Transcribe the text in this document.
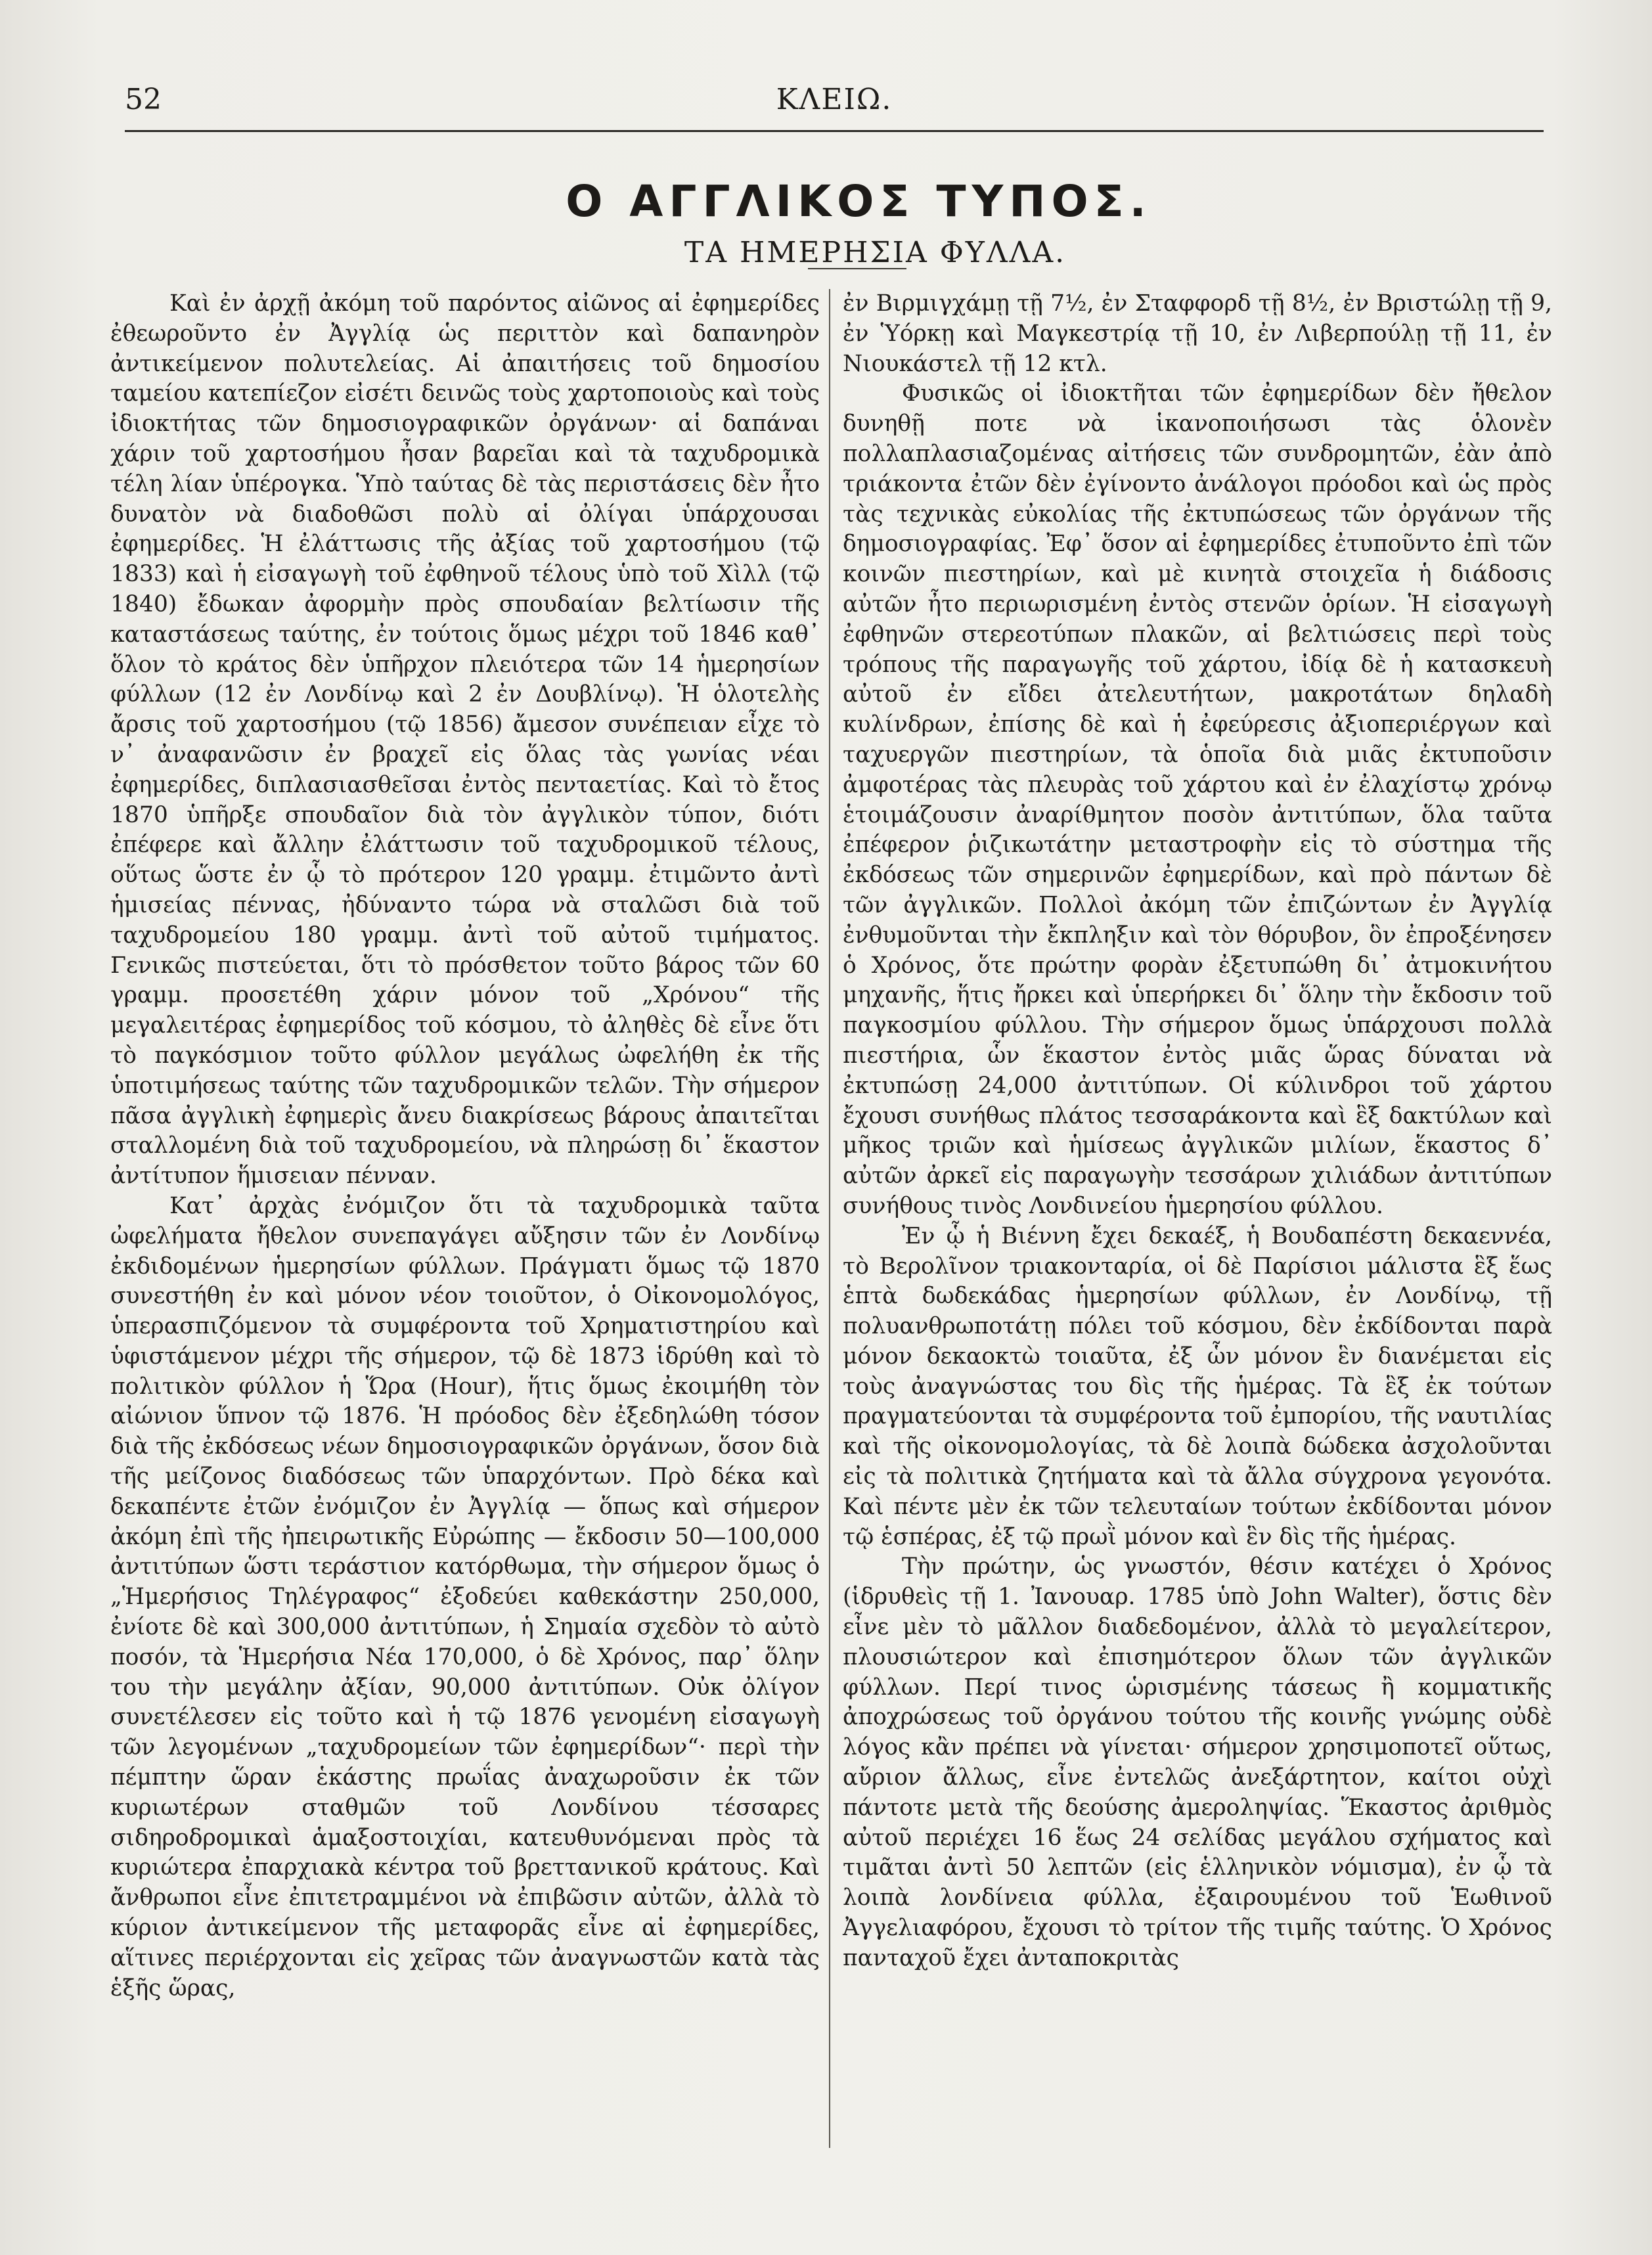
52	ΚΛΕΙΩ.
Ο ΑΓΓΛΙΚΟΣ ΤΥΠΟΣ.
ΤΑ ΗΜΕΡΗΣΙΑ ΦΥΛΛΑ.

Καὶ ἐν ἀρχῇ ἀκόμη τοῦ παρόντος αἰῶνος αἱ ἐφημερίδες ἐθεωροῦντο ἐν Ἀγγλίᾳ ὡς περιττὸν καὶ δαπανηρὸν ἀντικείμενον πολυτελείας. Αἱ ἀπαιτήσεις τοῦ δημοσίου ταμείου κατεπίεζον εἰσέτι δεινῶς τοὺς χαρτοποιοὺς καὶ τοὺς ἰδιοκτήτας τῶν δημοσιογραφικῶν ὀργάνων· αἱ δαπάναι χάριν τοῦ χαρτοσήμου ἦσαν βαρεῖαι καὶ τὰ ταχυδρομικὰ τέλη λίαν ὑπέρογκα. Ὑπὸ ταύτας δὲ τὰς περιστάσεις δὲν ἦτο δυνατὸν νὰ διαδοθῶσι πολὺ αἱ ὀλίγαι ὑπάρχουσαι ἐφημερίδες. Ἡ ἐλάττωσις τῆς ἀξίας τοῦ χαρτοσήμου (τῷ 1833) καὶ ἡ εἰσαγωγὴ τοῦ ἐφθηνοῦ τέλους ὑπὸ τοῦ Χὶλλ (τῷ 1840) ἔδωκαν ἀφορμὴν πρὸς σπουδαίαν βελτίωσιν τῆς καταστάσεως ταύτης, ἐν τούτοις ὅμως μέχρι τοῦ 1846 καθ᾽ ὅλον τὸ κράτος δὲν ὑπῆρχον πλειότερα τῶν 14 ἡμερησίων φύλλων (12 ἐν Λονδίνῳ καὶ 2 ἐν Δουβλίνῳ). Ἡ ὁλοτελὴς ἄρσις τοῦ χαρτοσήμου (τῷ 1856) ἄμεσον συνέπειαν εἶχε τὸ ν᾽ ἀναφανῶσιν ἐν βραχεῖ εἰς ὅλας τὰς γωνίας νέαι ἐφημερίδες, διπλασιασθεῖσαι ἐντὸς πενταετίας. Καὶ τὸ ἔτος 1870 ὑπῆρξε σπουδαῖον διὰ τὸν ἀγγλικὸν τύπον, διότι ἐπέφερε καὶ ἄλλην ἐλάττωσιν τοῦ ταχυδρομικοῦ τέλους, οὕτως ὥστε ἐν ᾧ τὸ πρότερον 120 γραμμ. ἐτιμῶντο ἀντὶ ἡμισείας πέννας, ἠδύναντο τώρα νὰ σταλῶσι διὰ τοῦ ταχυδρομείου 180 γραμμ. ἀντὶ τοῦ αὐτοῦ τιμήματος. Γενικῶς πιστεύεται, ὅτι τὸ πρόσθετον τοῦτο βάρος τῶν 60 γραμμ. προσετέθη χάριν μόνον τοῦ „Χρόνου“ τῆς μεγαλειτέρας ἐφημερίδος τοῦ κόσμου, τὸ ἀληθὲς δὲ εἶνε ὅτι τὸ παγκόσμιον τοῦτο φύλλον μεγάλως ὠφελήθη ἐκ τῆς ὑποτιμήσεως ταύτης τῶν ταχυδρομικῶν τελῶν. Τὴν σήμερον πᾶσα ἀγγλικὴ ἐφημερὶς ἄνευ διακρίσεως βάρους ἀπαιτεῖται σταλλομένη διὰ τοῦ ταχυδρομείου, νὰ πληρώσῃ δι᾽ ἕκαστον ἀντίτυπον ἥμισειαν πένναν.

Κατ᾽ ἀρχὰς ἐνόμιζον ὅτι τὰ ταχυδρομικὰ ταῦτα ὠφελήματα ἤθελον συνεπαγάγει αὔξησιν τῶν ἐν Λονδίνῳ ἐκδιδομένων ἡμερησίων φύλλων. Πράγματι ὅμως τῷ 1870 συνεστήθη ἐν καὶ μόνον νέον τοιοῦτον, ὁ Οἰκονομολόγος, ὑπερασπιζόμενον τὰ συμφέροντα τοῦ Χρηματιστηρίου καὶ ὑφιστάμενον μέχρι τῆς σήμερον, τῷ δὲ 1873 ἱδρύθη καὶ τὸ πολιτικὸν φύλλον ἡ Ὥρα (Hour), ἥτις ὅμως ἐκοιμήθη τὸν αἰώνιον ὕπνον τῷ 1876. Ἡ πρόοδος δὲν ἐξεδηλώθη τόσον διὰ τῆς ἐκδόσεως νέων δημοσιογραφικῶν ὀργάνων, ὅσον διὰ τῆς μείζονος διαδόσεως τῶν ὑπαρχόντων. Πρὸ δέκα καὶ δεκαπέντε ἐτῶν ἐνόμιζον ἐν Ἀγγλίᾳ — ὅπως καὶ σήμερον ἀκόμη ἐπὶ τῆς ἠπειρωτικῆς Εὐρώπης — ἔκδοσιν 50—100,000 ἀντιτύπων ὥστι τεράστιον κατόρθωμα, τὴν σήμερον ὅμως ὁ „Ἡμερήσιος Τηλέγραφος“ ἐξοδεύει καθεκάστην 250,000, ἐνίοτε δὲ καὶ 300,000 ἀντιτύπων, ἡ Σημαία σχεδὸν τὸ αὐτὸ ποσόν, τὰ Ἡμερήσια Νέα 170,000, ὁ δὲ Χρόνος, παρ᾽ ὅλην του τὴν μεγάλην ἀξίαν, 90,000 ἀντιτύπων. Οὐκ ὀλίγον συνετέλεσεν εἰς τοῦτο καὶ ἡ τῷ 1876 γενομένη εἰσαγωγὴ τῶν λεγομένων „ταχυδρομείων τῶν ἐφημερίδων“· περὶ τὴν πέμπτην ὥραν ἑκάστης πρωΐας ἀναχωροῦσιν ἐκ τῶν κυριωτέρων σταθμῶν τοῦ Λονδίνου τέσσαρες σιδηροδρομικαὶ ἁμαξοστοιχίαι, κατευθυνόμεναι πρὸς τὰ κυριώτερα ἐπαρχιακὰ κέντρα τοῦ βρεττανικοῦ κράτους. Καὶ ἄνθρωποι εἶνε ἐπιτετραμμένοι νὰ ἐπιβῶσιν αὐτῶν, ἀλλὰ τὸ κύριον ἀντικείμενον τῆς μεταφορᾶς εἶνε αἱ ἐφημερίδες, αἵτινες περιέρχονται εἰς χεῖρας τῶν ἀναγνωστῶν κατὰ τὰς ἑξῆς ὥρας,

ἐν Βιρμιγχάμῃ τῇ 7½, ἐν Σταφφορδ τῇ 8½, ἐν Βριστώλῃ τῇ 9, ἐν Ὑόρκῃ καὶ Μαγκεστρίᾳ τῇ 10, ἐν Λιβερπούλῃ τῇ 11, ἐν Νιουκάστελ τῇ 12 κτλ.

Φυσικῶς οἱ ἰδιοκτῆται τῶν ἐφημερίδων δὲν ἤθελον δυνηθῇ ποτε νὰ ἱκανοποιήσωσι τὰς ὁλονὲν πολλαπλασιαζομένας αἰτήσεις τῶν συνδρομητῶν, ἐὰν ἀπὸ τριάκοντα ἐτῶν δὲν ἐγίνοντο ἀνάλογοι πρόοδοι καὶ ὡς πρὸς τὰς τεχνικὰς εὐκολίας τῆς ἐκτυπώσεως τῶν ὀργάνων τῆς δημοσιογραφίας. Ἐφ᾽ ὅσον αἱ ἐφημερίδες ἐτυποῦντο ἐπὶ τῶν κοινῶν πιεστηρίων, καὶ μὲ κινητὰ στοιχεῖα ἡ διάδοσις αὐτῶν ἦτο περιωρισμένη ἐντὸς στενῶν ὁρίων. Ἡ εἰσαγωγὴ ἐφθηνῶν στερεοτύπων πλακῶν, αἱ βελτιώσεις περὶ τοὺς τρόπους τῆς παραγωγῆς τοῦ χάρτου, ἰδίᾳ δὲ ἡ κατασκευὴ αὐτοῦ ἐν εἴδει ἀτελευτήτων, μακροτάτων δηλαδὴ κυλίνδρων, ἐπίσης δὲ καὶ ἡ ἐφεύρεσις ἀξιοπεριέργων καὶ ταχυεργῶν πιεστηρίων, τὰ ὁποῖα διὰ μιᾶς ἐκτυποῦσιν ἀμφοτέρας τὰς πλευρὰς τοῦ χάρτου καὶ ἐν ἐλαχίστῳ χρόνῳ ἑτοιμάζουσιν ἀναρίθμητον ποσὸν ἀντιτύπων, ὅλα ταῦτα ἐπέφερον ῥιζικωτάτην μεταστροφὴν εἰς τὸ σύστημα τῆς ἐκδόσεως τῶν σημερινῶν ἐφημερίδων, καὶ πρὸ πάντων δὲ τῶν ἀγγλικῶν. Πολλοὶ ἀκόμη τῶν ἐπιζώντων ἐν Ἀγγλίᾳ ἐνθυμοῦνται τὴν ἔκπληξιν καὶ τὸν θόρυβον, ὃν ἐπροξένησεν ὁ Χρόνος, ὅτε πρώτην φορὰν ἐξετυπώθη δι᾽ ἀτμοκινήτου μηχανῆς, ἥτις ἤρκει καὶ ὑπερήρκει δι᾽ ὅλην τὴν ἔκδοσιν τοῦ παγκοσμίου φύλλου. Τὴν σήμερον ὅμως ὑπάρχουσι πολλὰ πιεστήρια, ὧν ἕκαστον ἐντὸς μιᾶς ὥρας δύναται νὰ ἐκτυπώσῃ 24,000 ἀντιτύπων. Οἱ κύλινδροι τοῦ χάρτου ἔχουσι συνήθως πλάτος τεσσαράκοντα καὶ ἓξ δακτύλων καὶ μῆκος τριῶν καὶ ἡμίσεως ἀγγλικῶν μιλίων, ἕκαστος δ᾽ αὐτῶν ἀρκεῖ εἰς παραγωγὴν τεσσάρων χιλιάδων ἀντιτύπων συνήθους τινὸς Λονδινείου ἡμερησίου φύλλου.

Ἐν ᾧ ἡ Βιέννη ἔχει δεκαέξ, ἡ Βουδαπέστη δεκαεννέα, τὸ Βερολῖνον τριακονταρία, οἱ δὲ Παρίσιοι μάλιστα ἓξ ἕως ἑπτὰ δωδεκάδας ἡμερησίων φύλλων, ἐν Λονδίνῳ, τῇ πολυανθρωποτάτῃ πόλει τοῦ κόσμου, δὲν ἐκδίδονται παρὰ μόνον δεκαοκτὼ τοιαῦτα, ἐξ ὧν μόνον ἓν διανέμεται εἰς τοὺς ἀναγνώστας του δὶς τῆς ἡμέρας. Τὰ ἓξ ἐκ τούτων πραγματεύονται τὰ συμφέροντα τοῦ ἐμπορίου, τῆς ναυτιλίας καὶ τῆς οἰκονομολογίας, τὰ δὲ λοιπὰ δώδεκα ἀσχολοῦνται εἰς τὰ πολιτικὰ ζητήματα καὶ τὰ ἄλλα σύγχρονα γεγονότα. Καὶ πέντε μὲν ἐκ τῶν τελευταίων τούτων ἐκδίδονται μόνον τῷ ἑσπέρας, ἐξ τῷ πρωῒ μόνον καὶ ἓν δὶς τῆς ἡμέρας.

Τὴν πρώτην, ὡς γνωστόν, θέσιν κατέχει ὁ Χρόνος (ἱδρυθεὶς τῇ 1. Ἰανουαρ. 1785 ὑπὸ John Walter), ὅστις δὲν εἶνε μὲν τὸ μᾶλλον διαδεδομένον, ἀλλὰ τὸ μεγαλείτερον, πλουσιώτερον καὶ ἐπισημότερον ὅλων τῶν ἀγγλικῶν φύλλων. Περί τινος ὡρισμένης τάσεως ἢ κομματικῆς ἀποχρώσεως τοῦ ὀργάνου τούτου τῆς κοινῆς γνώμης οὐδὲ λόγος κἂν πρέπει νὰ γίνεται· σήμερον χρησιμοποτεῖ οὕτως, αὔριον ἄλλως, εἶνε ἐντελῶς ἀνεξάρτητον, καίτοι οὐχὶ πάντοτε μετὰ τῆς δεούσης ἀμεροληψίας. Ἕκαστος ἀριθμὸς αὐτοῦ περιέχει 16 ἕως 24 σελίδας μεγάλου σχήματος καὶ τιμᾶται ἀντὶ 50 λεπτῶν (εἰς ἑλληνικὸν νόμισμα), ἐν ᾧ τὰ λοιπὰ λονδίνεια φύλλα, ἐξαιρουμένου τοῦ Ἑωθινοῦ Ἀγγελιαφόρου, ἔχουσι τὸ τρίτον τῆς τιμῆς ταύτης. Ὁ Χρόνος πανταχοῦ ἔχει ἀνταποκριτὰς
